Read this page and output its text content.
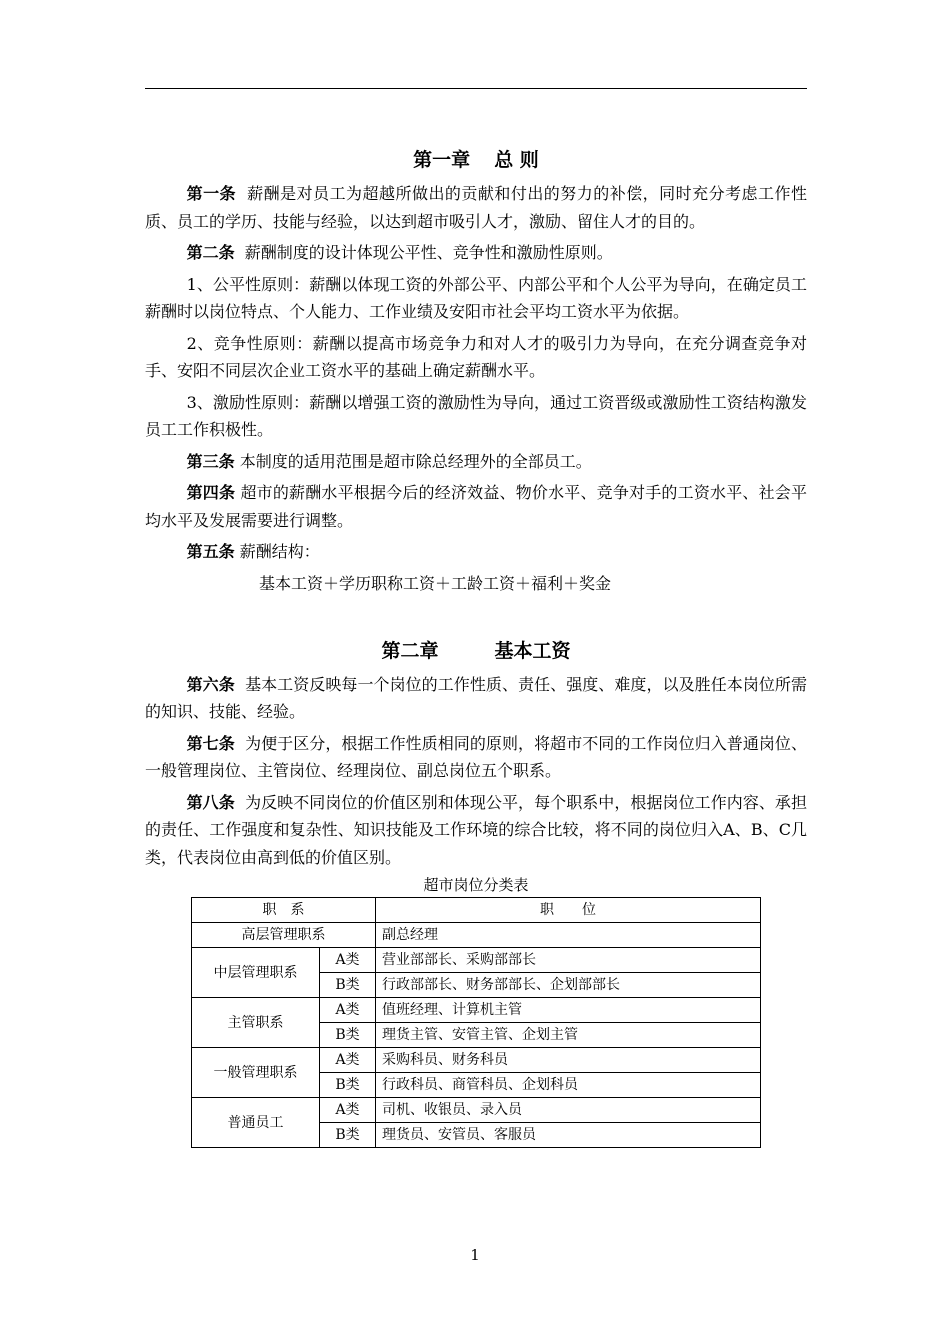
第一章 总 则

第一条 薪酬是对员工为超越所做出的贡献和付出的努力的补偿，同时充分考虑工作性质、员工的学历、技能与经验，以达到超市吸引人才，激励、留住人才的目的。

第二条 薪酬制度的设计体现公平性、竞争性和激励性原则。

1、公平性原则：薪酬以体现工资的外部公平、内部公平和个人公平为导向，在确定员工薪酬时以岗位特点、个人能力、工作业绩及安阳市社会平均工资水平为依据。

2、竞争性原则：薪酬以提高市场竞争力和对人才的吸引力为导向，在充分调查竞争对手、安阳不同层次企业工资水平的基础上确定薪酬水平。

3、激励性原则：薪酬以增强工资的激励性为导向，通过工资晋级或激励性工资结构激发员工工作积极性。

第三条 本制度的适用范围是超市除总经理外的全部员工。

第四条 超市的薪酬水平根据今后的经济效益、物价水平、竞争对手的工资水平、社会平均水平及发展需要进行调整。

第五条 薪酬结构：

基本工资＋学历职称工资＋工龄工资＋福利＋奖金

第二章	基本工资

第六条 基本工资反映每一个岗位的工作性质、责任、强度、难度，以及胜任本岗位所需的知识、技能、经验。

第七条 为便于区分，根据工作性质相同的原则，将超市不同的工作岗位归入普通岗位、一般管理岗位、主管岗位、经理岗位、副总岗位五个职系。

第八条 为反映不同岗位的价值区别和体现公平，每个职系中，根据岗位工作内容、承担的责任、工作强度和复杂性、知识技能及工作环境的综合比较，将不同的岗位归入A、B、C几类，代表岗位由高到低的价值区别。

超市岗位分类表

职　系		职　　位
高层管理职系		副总经理
中层管理职系	A类	营业部部长、采购部部长
	B类	行政部部长、财务部部长、企划部部长
主管职系	A类	值班经理、计算机主管
	B类	理货主管、安管主管、企划主管
一般管理职系	A类	采购科员、财务科员
	B类	行政科员、商管科员、企划科员
普通员工	A类	司机、收银员、录入员
	B类	理货员、安管员、客服员
1
